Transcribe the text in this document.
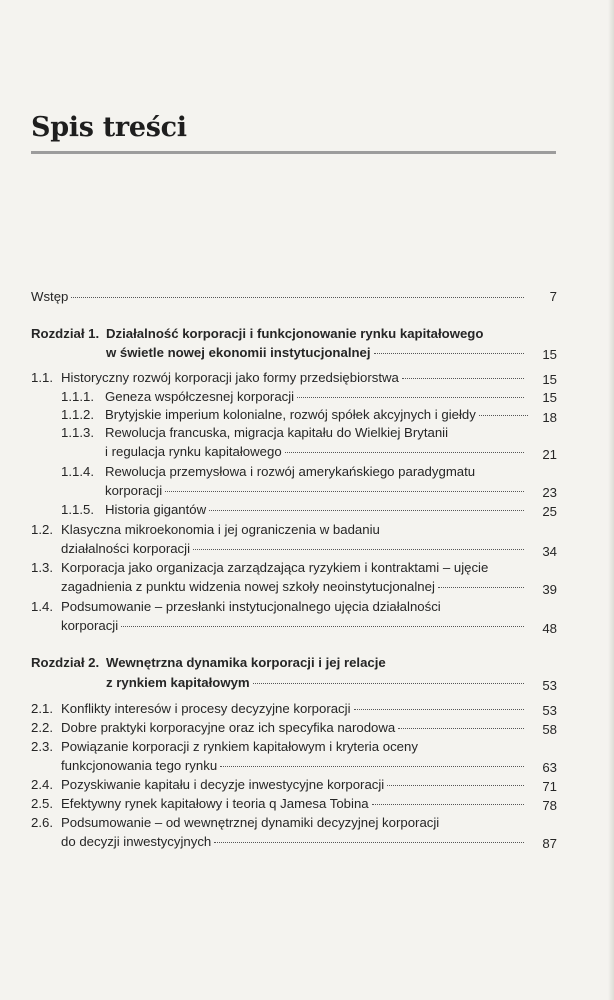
Spis treści
Wstęp	7
Rozdział 1. Działalność korporacji i funkcjonowanie rynku kapitałowego
w świetle nowej ekonomii instytucjonalnej	15
1.1. Historyczny rozwój korporacji jako formy przedsiębiorstwa	15
1.1.1. Geneza współczesnej korporacji	15
1.1.2. Brytyjskie imperium kolonialne, rozwój spółek akcyjnych i giełdy	18
1.1.3. Rewolucja francuska, migracja kapitału do Wielkiej Brytanii
i regulacja rynku kapitałowego	21
1.1.4. Rewolucja przemysłowa i rozwój amerykańskiego paradygmatu
korporacji	23
1.1.5. Historia gigantów	25
1.2. Klasyczna mikroekonomia i jej ograniczenia w badaniu
działalności korporacji	34
1.3. Korporacja jako organizacja zarządzająca ryzykiem i kontraktami – ujęcie
zagadnienia z punktu widzenia nowej szkoły neoinstytucjonalnej	39
1.4. Podsumowanie – przesłanki instytucjonalnego ujęcia działalności
korporacji	48
Rozdział 2. Wewnętrzna dynamika korporacji i jej relacje
z rynkiem kapitałowym	53
2.1. Konflikty interesów i procesy decyzyjne korporacji	53
2.2. Dobre praktyki korporacyjne oraz ich specyfika narodowa	58
2.3. Powiązanie korporacji z rynkiem kapitałowym i kryteria oceny
funkcjonowania tego rynku	63
2.4. Pozyskiwanie kapitału i decyzje inwestycyjne korporacji	71
2.5. Efektywny rynek kapitałowy i teoria q Jamesa Tobina	78
2.6. Podsumowanie – od wewnętrznej dynamiki decyzyjnej korporacji
do decyzji inwestycyjnych	87
